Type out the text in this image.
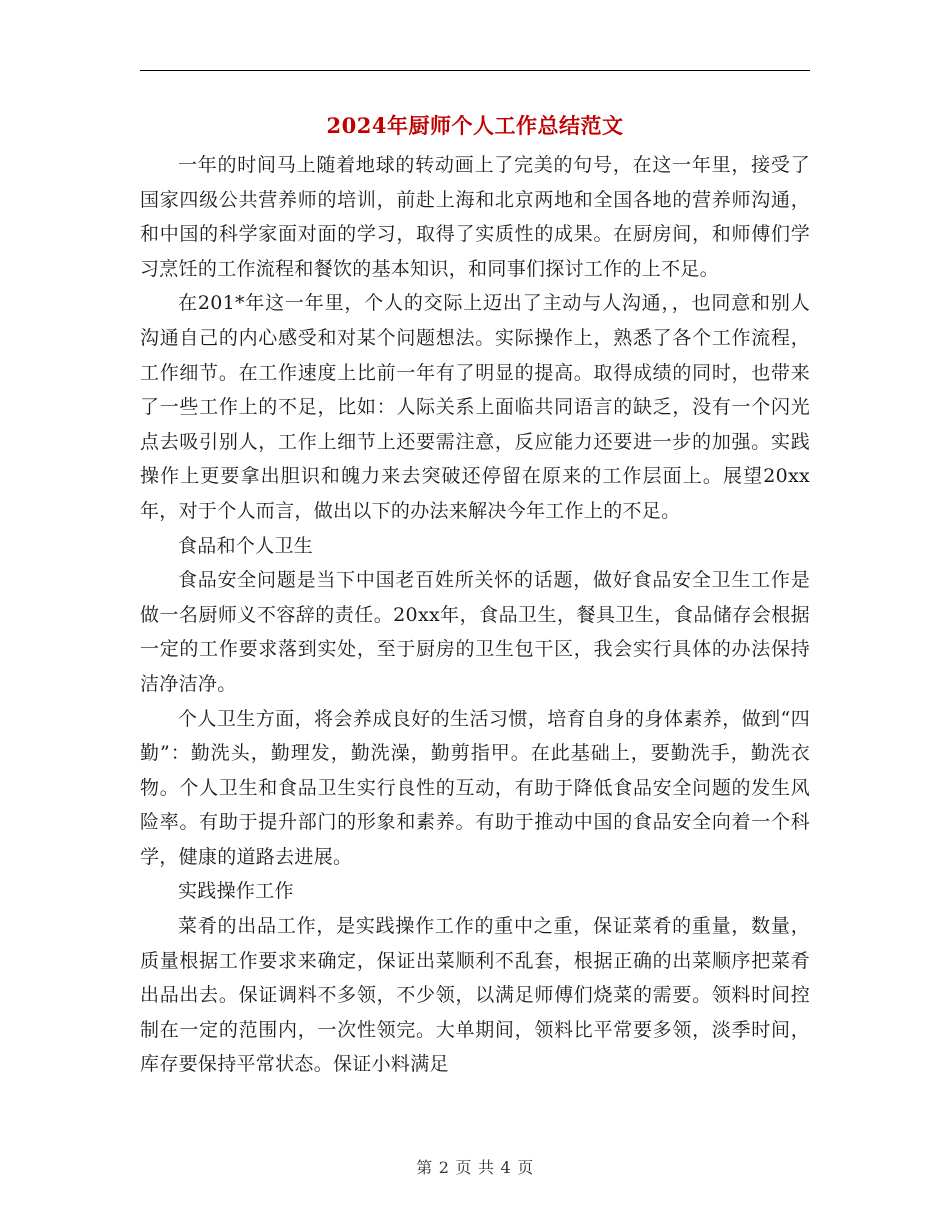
2024年厨师个人工作总结范文

一年的时间马上随着地球的转动画上了完美的句号，在这一年里，接受了国家四级公共营养师的培训，前赴上海和北京两地和全国各地的营养师沟通，和中国的科学家面对面的学习，取得了实质性的成果。在厨房间，和师傅们学习烹饪的工作流程和餐饮的基本知识，和同事们探讨工作的上不足。

在201*年这一年里，个人的交际上迈出了主动与人沟通，，也同意和别人沟通自己的内心感受和对某个问题想法。实际操作上，熟悉了各个工作流程，工作细节。在工作速度上比前一年有了明显的提高。取得成绩的同时，也带来了一些工作上的不足，比如：人际关系上面临共同语言的缺乏，没有一个闪光点去吸引别人，工作上细节上还要需注意，反应能力还要进一步的加强。实践操作上更要拿出胆识和魄力来去突破还停留在原来的工作层面上。展望20xx年，对于个人而言，做出以下的办法来解决今年工作上的不足。

食品和个人卫生

食品安全问题是当下中国老百姓所关怀的话题，做好食品安全卫生工作是做一名厨师义不容辞的责任。20xx年，食品卫生，餐具卫生，食品储存会根据一定的工作要求落到实处，至于厨房的卫生包干区，我会实行具体的办法保持洁净洁净。

个人卫生方面，将会养成良好的生活习惯，培育自身的身体素养，做到“四勤”：勤洗头，勤理发，勤洗澡，勤剪指甲。在此基础上，要勤洗手，勤洗衣物。个人卫生和食品卫生实行良性的互动，有助于降低食品安全问题的发生风险率。有助于提升部门的形象和素养。有助于推动中国的食品安全向着一个科学，健康的道路去进展。

实践操作工作

菜肴的出品工作，是实践操作工作的重中之重，保证菜肴的重量，数量，质量根据工作要求来确定，保证出菜顺利不乱套，根据正确的出菜顺序把菜肴出品出去。保证调料不多领，不少领，以满足师傅们烧菜的需要。领料时间控制在一定的范围内，一次性领完。大单期间，领料比平常要多领，淡季时间，库存要保持平常状态。保证小料满足

第 2 页 共 4 页
